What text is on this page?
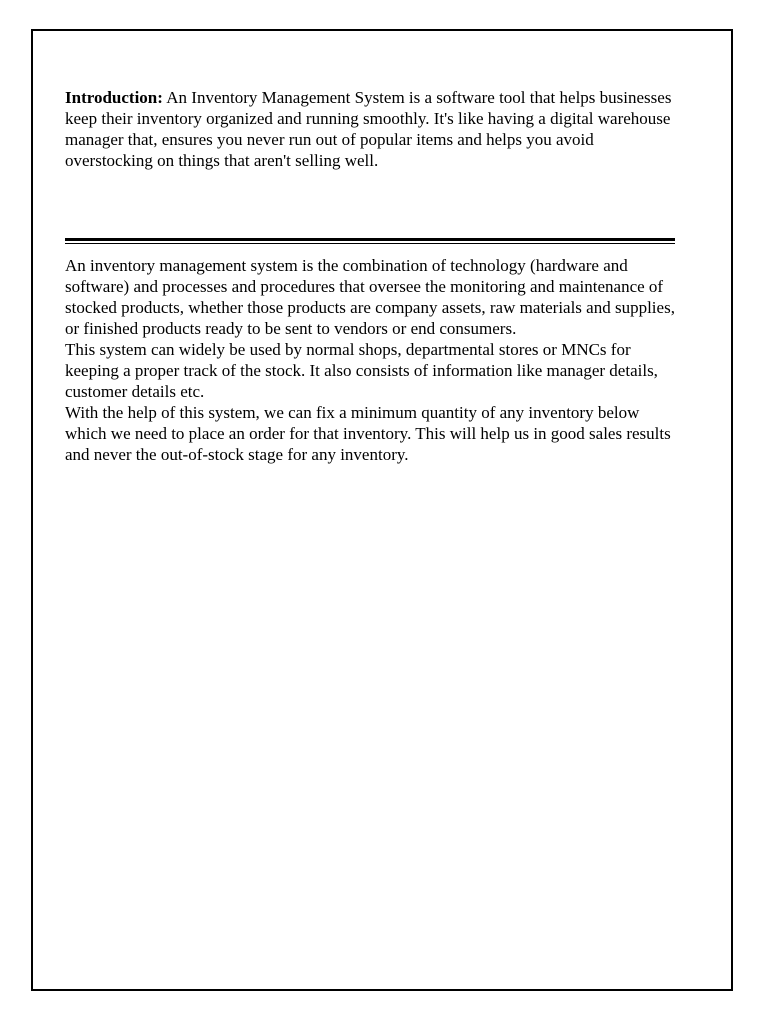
Introduction: An Inventory Management System is a software tool that helps businesses keep their inventory organized and running smoothly. It's like having a digital warehouse manager that, ensures you never run out of popular items and helps you avoid overstocking on things that aren't selling well.

An inventory management system is the combination of technology (hardware and software) and processes and procedures that oversee the monitoring and maintenance of stocked products, whether those products are company assets, raw materials and supplies, or finished products ready to be sent to vendors or end consumers.

This system can widely be used by normal shops, departmental stores or MNCs for keeping a proper track of the stock. It also consists of information like manager details, customer details etc.

With the help of this system, we can fix a minimum quantity of any inventory below which we need to place an order for that inventory. This will help us in good sales results and never the out-of-stock stage for any inventory.
